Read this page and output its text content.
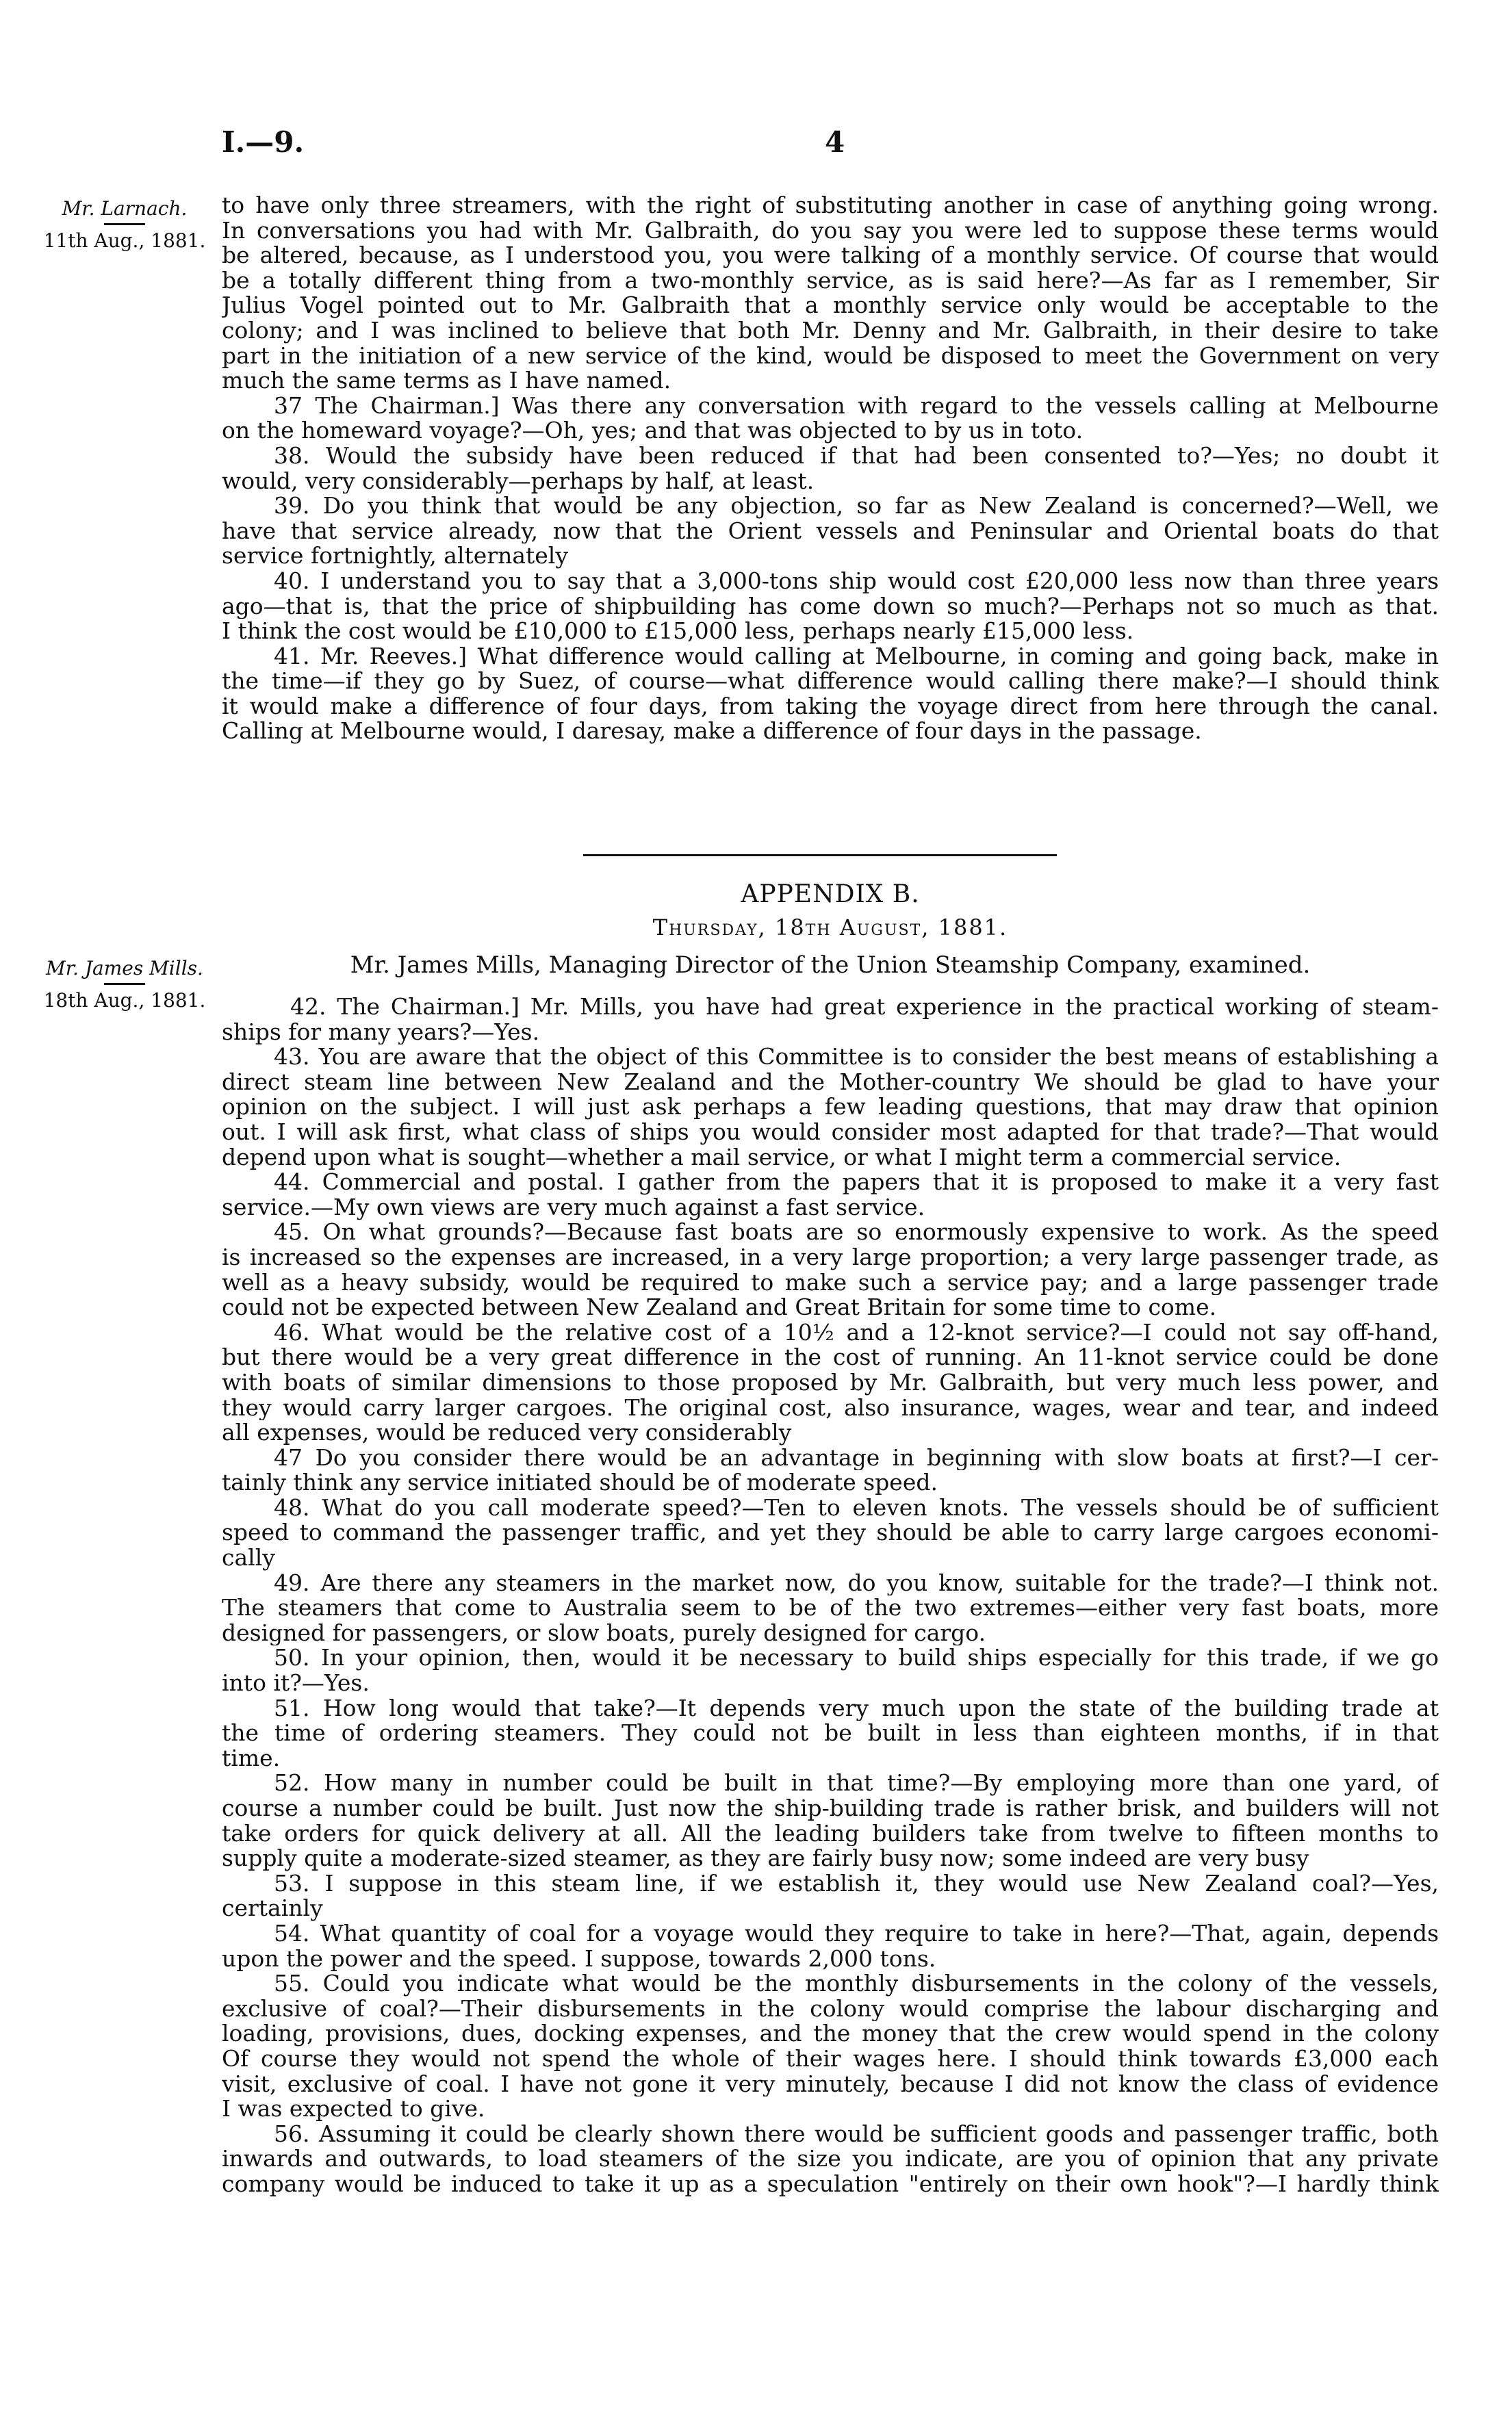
I.—9.	4
Mr. Larnach.
11th Aug., 1881.
Mr. James Mills.
18th Aug., 1881.
to have only three streamers, with the right of substituting another in case of anything going wrong.
In conversations you had with Mr. Galbraith, do you say you were led to suppose these terms would
be altered, because, as I understood you, you were talking of a monthly service. Of course that would
be a totally different thing from a two-monthly service, as is said here?—As far as I remember, Sir
Julius Vogel pointed out to Mr. Galbraith that a monthly service only would be acceptable to the
colony; and I was inclined to believe that both Mr. Denny and Mr. Galbraith, in their desire to take
part in the initiation of a new service of the kind, would be disposed to meet the Government on very
much the same terms as I have named.
37 The Chairman.] Was there any conversation with regard to the vessels calling at Melbourne
on the homeward voyage?—Oh, yes; and that was objected to by us in toto.
38. Would the subsidy have been reduced if that had been consented to?—Yes; no doubt it
would, very considerably—perhaps by half, at least.
39. Do you think that would be any objection, so far as New Zealand is concerned?—Well, we
have that service already, now that the Orient vessels and Peninsular and Oriental boats do that
service fortnightly, alternately
40. I understand you to say that a 3,000-tons ship would cost £20,000 less now than three years
ago—that is, that the price of shipbuilding has come down so much?—Perhaps not so much as that.
I think the cost would be £10,000 to £15,000 less, perhaps nearly £15,000 less.
41. Mr. Reeves.] What difference would calling at Melbourne, in coming and going back, make in
the time—if they go by Suez, of course—what difference would calling there make?—I should think
it would make a difference of four days, from taking the voyage direct from here through the canal.
Calling at Melbourne would, I daresay, make a difference of four days in the passage.
APPENDIX B.
Thursday, 18th August, 1881.
Mr. James Mills, Managing Director of the Union Steamship Company, examined.
42. The Chairman.] Mr. Mills, you have had great experience in the practical working of steam-
ships for many years?—Yes.
43. You are aware that the object of this Committee is to consider the best means of establishing a
direct steam line between New Zealand and the Mother-country We should be glad to have your
opinion on the subject. I will just ask perhaps a few leading questions, that may draw that opinion
out. I will ask first, what class of ships you would consider most adapted for that trade?—That would
depend upon what is sought—whether a mail service, or what I might term a commercial service.
44. Commercial and postal. I gather from the papers that it is proposed to make it a very fast
service.—My own views are very much against a fast service.
45. On what grounds?—Because fast boats are so enormously expensive to work. As the speed
is increased so the expenses are increased, in a very large proportion; a very large passenger trade, as
well as a heavy subsidy, would be required to make such a service pay; and a large passenger trade
could not be expected between New Zealand and Great Britain for some time to come.
46. What would be the relative cost of a 10½ and a 12-knot service?—I could not say off-hand,
but there would be a very great difference in the cost of running. An 11-knot service could be done
with boats of similar dimensions to those proposed by Mr. Galbraith, but very much less power, and
they would carry larger cargoes. The original cost, also insurance, wages, wear and tear, and indeed
all expenses, would be reduced very considerably
47 Do you consider there would be an advantage in beginning with slow boats at first?—I cer-
tainly think any service initiated should be of moderate speed.
48. What do you call moderate speed?—Ten to eleven knots. The vessels should be of sufficient
speed to command the passenger traffic, and yet they should be able to carry large cargoes economi-
cally
49. Are there any steamers in the market now, do you know, suitable for the trade?—I think not.
The steamers that come to Australia seem to be of the two extremes—either very fast boats, more
designed for passengers, or slow boats, purely designed for cargo.
50. In your opinion, then, would it be necessary to build ships especially for this trade, if we go
into it?—Yes.
51. How long would that take?—It depends very much upon the state of the building trade at
the time of ordering steamers. They could not be built in less than eighteen months, if in that
time.
52. How many in number could be built in that time?—By employing more than one yard, of
course a number could be built. Just now the ship-building trade is rather brisk, and builders will not
take orders for quick delivery at all. All the leading builders take from twelve to fifteen months to
supply quite a moderate-sized steamer, as they are fairly busy now; some indeed are very busy
53. I suppose in this steam line, if we establish it, they would use New Zealand coal?—Yes,
certainly
54. What quantity of coal for a voyage would they require to take in here?—That, again, depends
upon the power and the speed. I suppose, towards 2,000 tons.
55. Could you indicate what would be the monthly disbursements in the colony of the vessels,
exclusive of coal?—Their disbursements in the colony would comprise the labour discharging and
loading, provisions, dues, docking expenses, and the money that the crew would spend in the colony
Of course they would not spend the whole of their wages here. I should think towards £3,000 each
visit, exclusive of coal. I have not gone it very minutely, because I did not know the class of evidence
I was expected to give.
56. Assuming it could be clearly shown there would be sufficient goods and passenger traffic, both
inwards and outwards, to load steamers of the size you indicate, are you of opinion that any private
company would be induced to take it up as a speculation "entirely on their own hook"?—I hardly think
